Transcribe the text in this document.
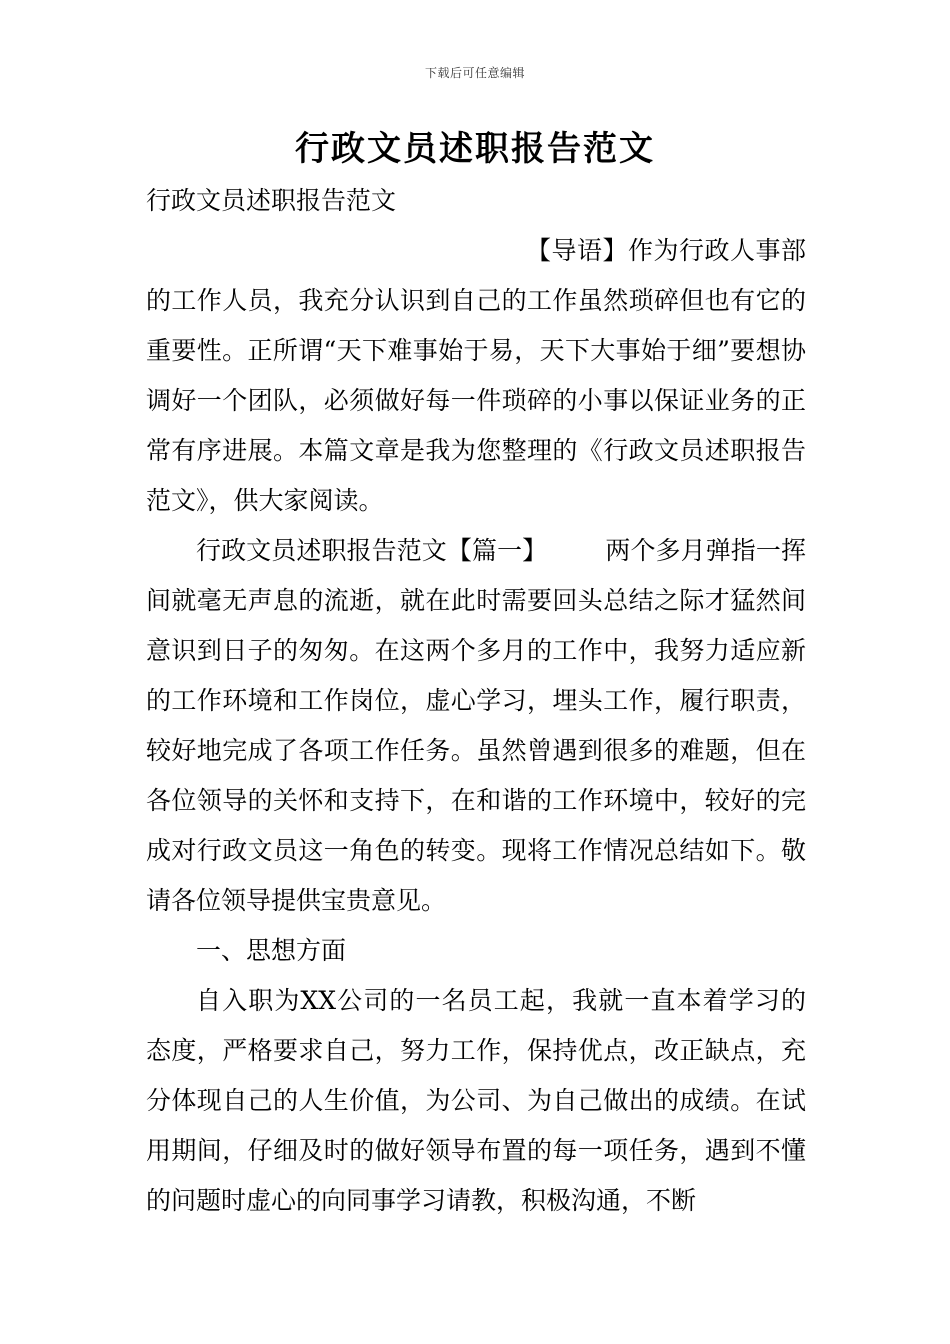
下载后可任意编辑
行政文员述职报告范文

行政文员述职报告范文

【导语】作为行政人事部的工作人员，我充分认识到自己的工作虽然琐碎但也有它的重要性。正所谓“天下难事始于易，天下大事始于细”要想协调好一个团队，必须做好每一件琐碎的小事以保证业务的正常有序进展。本篇文章是我为您整理的《行政文员述职报告范文》，供大家阅读。

行政文员述职报告范文【篇一】 两个多月弹指一挥间就毫无声息的流逝，就在此时需要回头总结之际才猛然间意识到日子的匆匆。在这两个多月的工作中，我努力适应新的工作环境和工作岗位，虚心学习，埋头工作，履行职责，较好地完成了各项工作任务。虽然曾遇到很多的难题，但在各位领导的关怀和支持下，在和谐的工作环境中，较好的完成对行政文员这一角色的转变。现将工作情况总结如下。敬请各位领导提供宝贵意见。

一、思想方面

自入职为XX公司的一名员工起，我就一直本着学习的态度，严格要求自己，努力工作，保持优点，改正缺点，充分体现自己的人生价值，为公司、为自己做出的成绩。在试用期间，仔细及时的做好领导布置的每一项任务，遇到不懂的问题时虚心的向同事学习请教，积极沟通，不断
